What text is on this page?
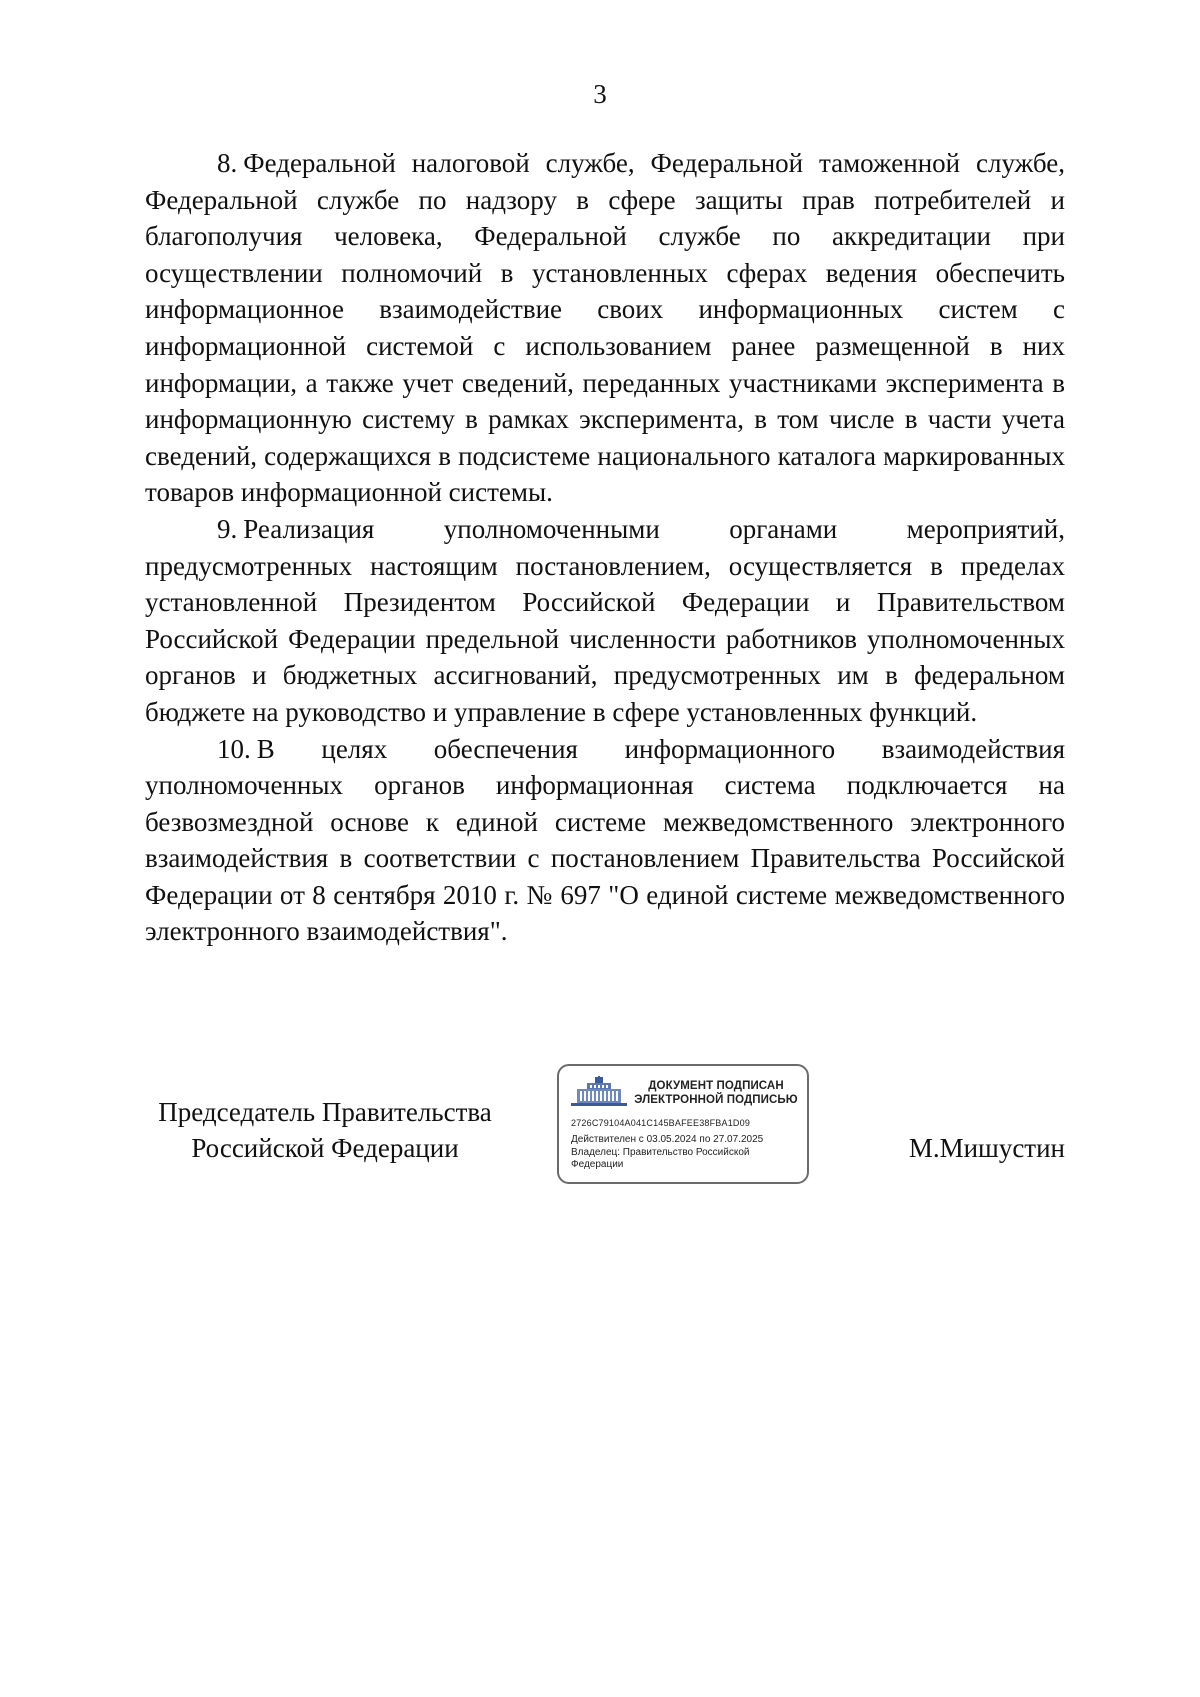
3

8. Федеральной налоговой службе, Федеральной таможенной службе, Федеральной службе по надзору в сфере защиты прав потребителей и благополучия человека, Федеральной службе по аккредитации при осуществлении полномочий в установленных сферах ведения обеспечить информационное взаимодействие своих информационных систем с информационной системой с использованием ранее размещенной в них информации, а также учет сведений, переданных участниками эксперимента в информационную систему в рамках эксперимента, в том числе в части учета сведений, содержащихся в подсистеме национального каталога маркированных товаров информационной системы.

9. Реализация уполномоченными органами мероприятий, предусмотренных настоящим постановлением, осуществляется в пределах установленной Президентом Российской Федерации и Правительством Российской Федерации предельной численности работников уполномоченных органов и бюджетных ассигнований, предусмотренных им в федеральном бюджете на руководство и управление в сфере установленных функций.

10. В целях обеспечения информационного взаимодействия уполномоченных органов информационная система подключается на безвозмездной основе к единой системе межведомственного электронного взаимодействия в соответствии с постановлением Правительства Российской Федерации от 8 сентября 2010 г. № 697 "О единой системе межведомственного электронного взаимодействия".

Председатель Правительства
Российской Федерации
ДОКУМЕНТ ПОДПИСАН
ЭЛЕКТРОННОЙ ПОДПИСЬЮ
2726C79104A041C145BAFEE38FBA1D09
Действителен с 03.05.2024 по 27.07.2025
Владелец: Правительство Российской Федерации
М.Мишустин
